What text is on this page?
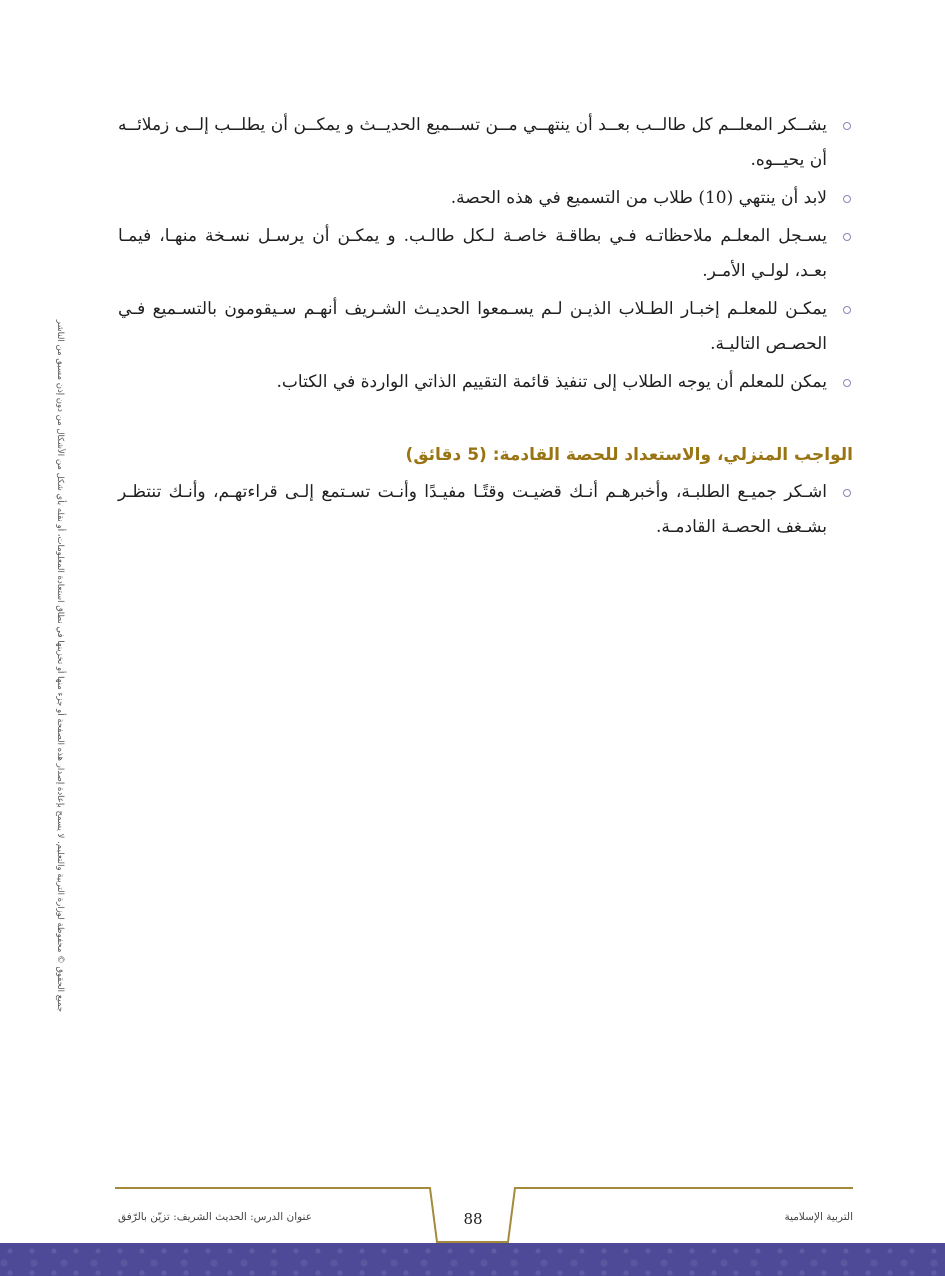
جميع الحقوق © محفوظة لوزارة التربية والتعليم. لا يسمح بإعادة إصدار هذه الصفحة أو جزء منها أو تخزينها في نطاق استعادة المعلومات، أو نقله بأي شكل من الأشكال من دون إذن مسبق من الناشر
يشــكر المعلــم كل طالــب بعــد أن ينتهــي مــن تســميع الحديــث و يمكــن أن يطلــب إلــى زملائــه أن يحيــوه.
لابد أن ينتهي (10) طلاب من التسميع في هذه الحصة.
يسـجل المعلـم ملاحظاتـه فـي بطاقـة خاصـة لـكل طالـب. و يمكـن أن يرسـل نسـخة منهـا، فيمـا بعـد، لولـي الأمـر.
يمكـن للمعلـم إخبـار الطـلاب الذيـن لـم يسـمعوا الحديـث الشـريف أنهـم سـيقومون بالتسـميع فـي الحصـص التاليـة.
يمكن للمعلم أن يوجه الطلاب إلى تنفيذ قائمة التقييم الذاتي الواردة في الكتاب.
الواجب المنزلي، والاستعداد للحصة القادمة: (5 دقائق)
اشـكر جميـع الطلبـة، وأخبرهـم أنـك قضيـت وقتًـا مفيـدًا وأنـت تسـتمع إلـى قراءتهـم، وأنـك تنتظـر بشـغف الحصـة القادمـة.
التربية الإسلامية
عنوان الدرس: الحديث الشريف: تزيّن بالرّفق	88
